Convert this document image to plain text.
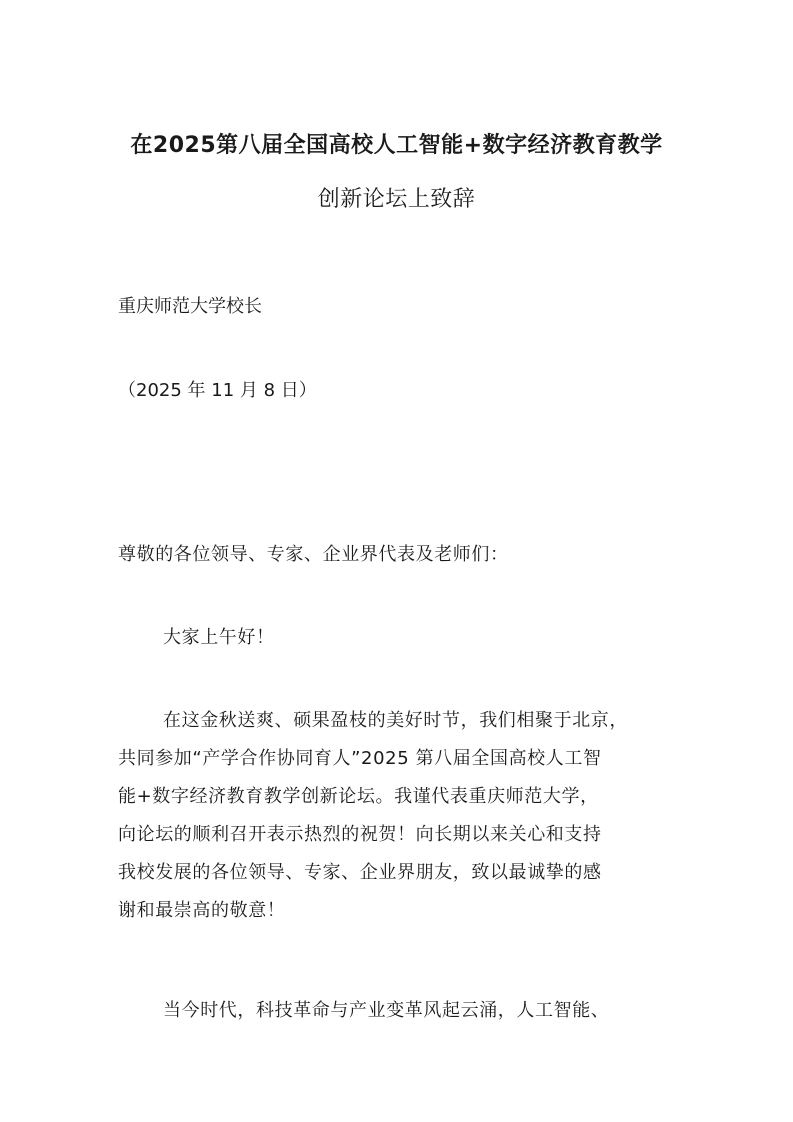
在2025第八届全国高校人工智能+数字经济教育教学
创新论坛上致辞
重庆师范大学校长
（2025 年 11 月 8 日）
尊敬的各位领导、专家、企业界代表及老师们：
大家上午好！
在这金秋送爽、硕果盈枝的美好时节，我们相聚于北京，
共同参加“产学合作协同育人”2025 第八届全国高校人工智
能+数字经济教育教学创新论坛。我谨代表重庆师范大学，
向论坛的顺利召开表示热烈的祝贺！向长期以来关心和支持
我校发展的各位领导、专家、企业界朋友，致以最诚挚的感
谢和最崇高的敬意！
当今时代，科技革命与产业变革风起云涌，人工智能、
